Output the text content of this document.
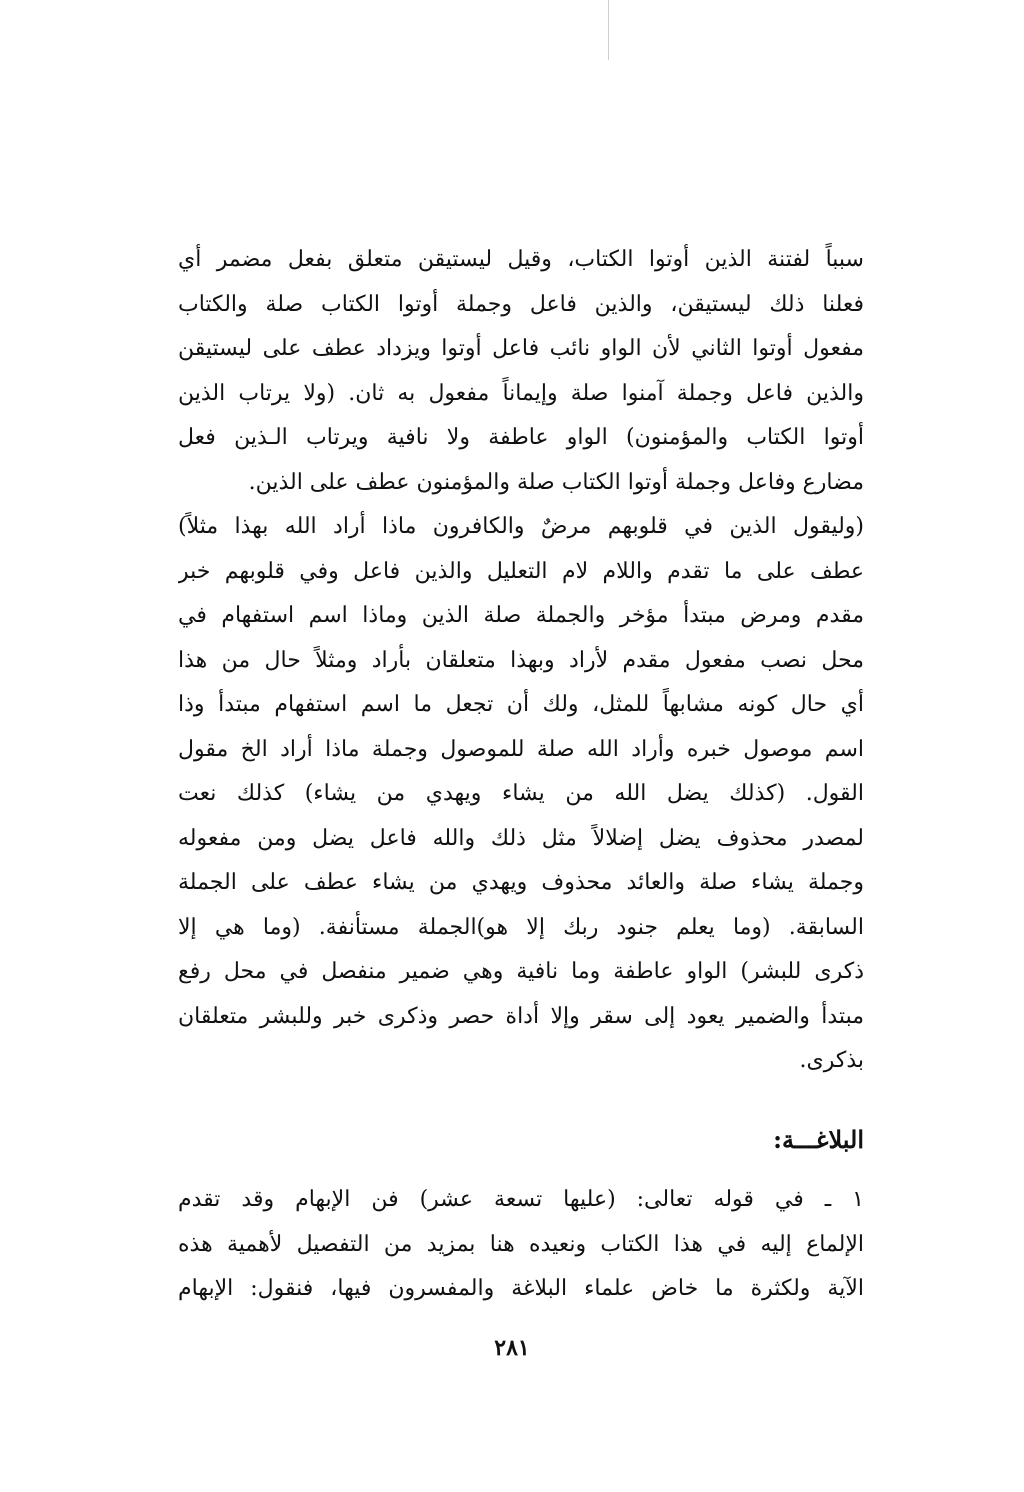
سبباً لفتنة الذين أوتوا الكتاب، وقيل ليستيقن متعلق بفعل مضمر أي
فعلنا ذلك ليستيقن، والذين فاعل وجملة أوتوا الكتاب صلة والكتاب
مفعول أوتوا الثاني لأن الواو نائب فاعل أوتوا ويزداد عطف على ليستيقن
والذين فاعل وجملة آمنوا صلة وإيماناً مفعول به ثان. (ولا يرتاب الذين
أوتوا الكتاب والمؤمنون) الواو عاطفة ولا نافية ويرتاب الـذين فعل
مضارع وفاعل وجملة أوتوا الكتاب صلة والمؤمنون عطف على الذين.
(وليقول الذين في قلوبهم مرضٌ والكافرون ماذا أراد الله بهذا مثلاً)
عطف على ما تقدم واللام لام التعليل والذين فاعل وفي قلوبهم خبر
مقدم ومرض مبتدأ مؤخر والجملة صلة الذين وماذا اسم استفهام في
محل نصب مفعول مقدم لأراد وبهذا متعلقان بأراد ومثلاً حال من هذا
أي حال كونه مشابهاً للمثل، ولك أن تجعل ما اسم استفهام مبتدأ وذا
اسم موصول خبره وأراد الله صلة للموصول وجملة ماذا أراد الخ مقول
القول. (كذلك يضل الله من يشاء ويهدي من يشاء) كذلك نعت
لمصدر محذوف يضل إضلالاً مثل ذلك والله فاعل يضل ومن مفعوله
وجملة يشاء صلة والعائد محذوف ويهدي من يشاء عطف على الجملة
السابقة. (وما يعلم جنود ربك إلا هو)الجملة مستأنفة. (وما هي إلا
ذكرى للبشر) الواو عاطفة وما نافية وهي ضمير منفصل في محل رفع
مبتدأ والضمير يعود إلى سقر وإلا أداة حصر وذكرى خبر وللبشر متعلقان
بذكرى.
البلاغـــة:
١ ـ في قوله تعالى: (عليها تسعة عشر) فن الإبهام وقد تقدم
الإلماع إليه في هذا الكتاب ونعيده هنا بمزيد من التفصيل لأهمية هذه
الآية ولكثرة ما خاض علماء البلاغة والمفسرون فيها، فنقول: الإبهام
٢٨١
